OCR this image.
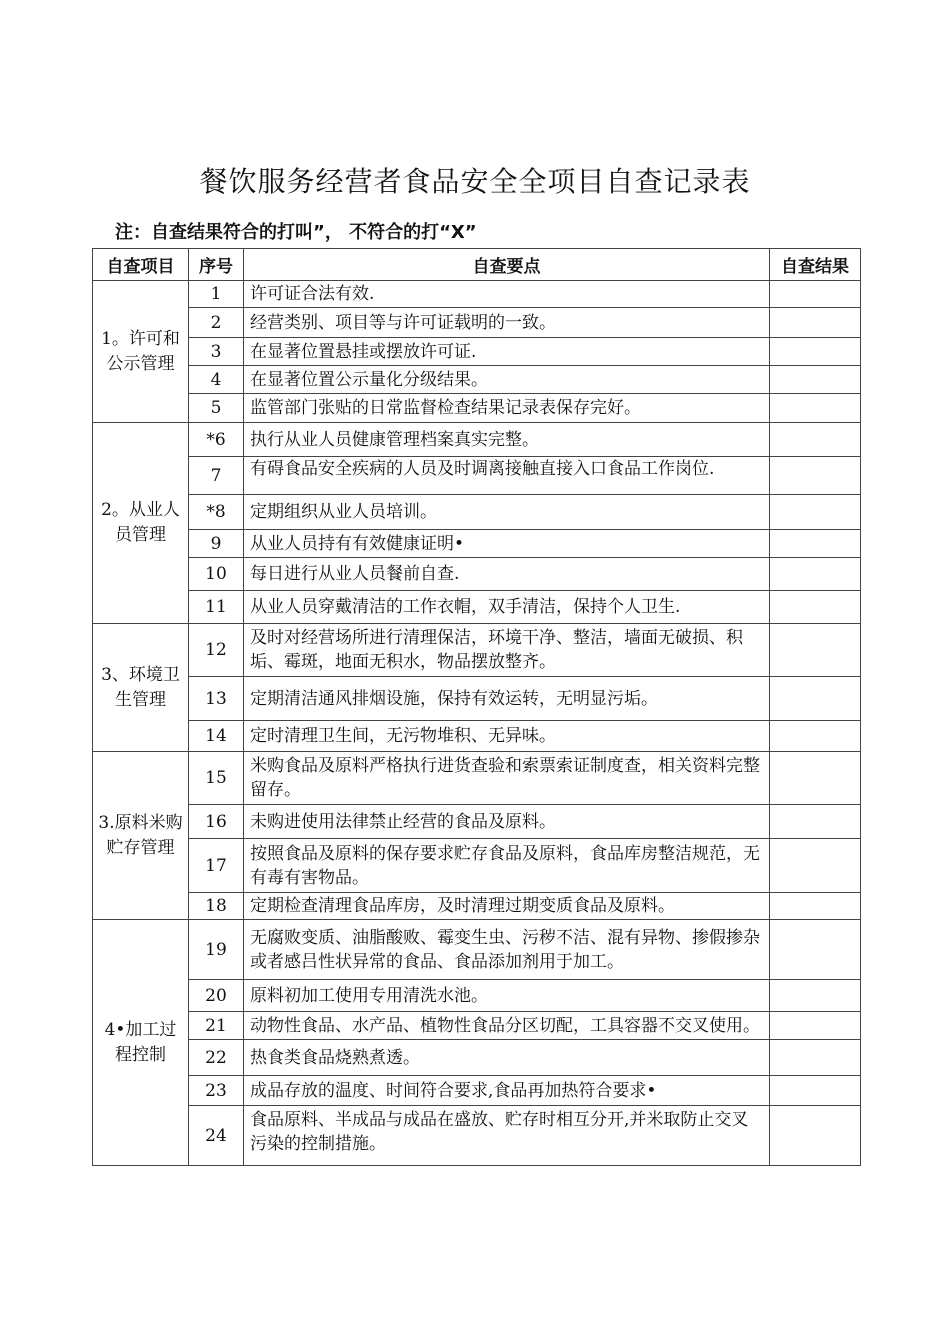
餐饮服务经营者食品安全全项目自查记录表
注：自查结果符合的打叫”， 不符合的打“X”
自查项目	序号	自查要点	自查结果
1。许可和公示管理	1	许可证合法有效.	
	2	经营类别、项目等与许可证载明的一致。	
	3	在显著位置悬挂或摆放许可证.	
	4	在显著位置公示量化分级结果。	
	5	监管部门张贴的日常监督检查结果记录表保存完好。	
2。从业人员管理	*6	执行从业人员健康管理档案真实完整。	
	7	有碍食品安全疾病的人员及时调离接触直接入口食品工作岗位.	

	*8	定期组织从业人员培训。	
	9	从业人员持有有效健康证明•	
	10	每日进行从业人员餐前自查.	
	11	从业人员穿戴清洁的工作衣帽，双手清洁，保持个人卫生.	
3、环境卫生管理	12	及时对经营场所进行清理保洁，环境干净、整洁，墙面无破损、积垢、霉斑，地面无积水，物品摆放整齐。	
	13	定期清洁通风排烟设施，保持有效运转，无明显污垢。	
	14	定时清理卫生间，无污物堆积、无异味。	
3.原料米购贮存管理	15	米购食品及原料严格执行进货查验和索票索证制度查，相关资料完整留存。	
	16	未购进使用法律禁止经营的食品及原料。	
	17	按照食品及原料的保存要求贮存食品及原料，食品库房整洁规范，无有毒有害物品。	
	18	定期检查清理食品库房，及时清理过期变质食品及原料。	
4•加工过程控制	19	无腐败变质、油脂酸败、霉变生虫、污秽不洁、混有异物、掺假掺杂或者感吕性状异常的食品、食品添加剂用于加工。	
	20	原料初加工使用专用清洗水池。	
	21	动物性食品、水产品、植物性食品分区切配，工具容器不交叉使用。	

	22	热食类食品烧熟煮透。	
	23	成品存放的温度、时间符合要求,食品再加热符合要求•	
	24	食品原料、半成品与成品在盛放、贮存时相互分开,并米取防止交叉污染的控制措施。	
